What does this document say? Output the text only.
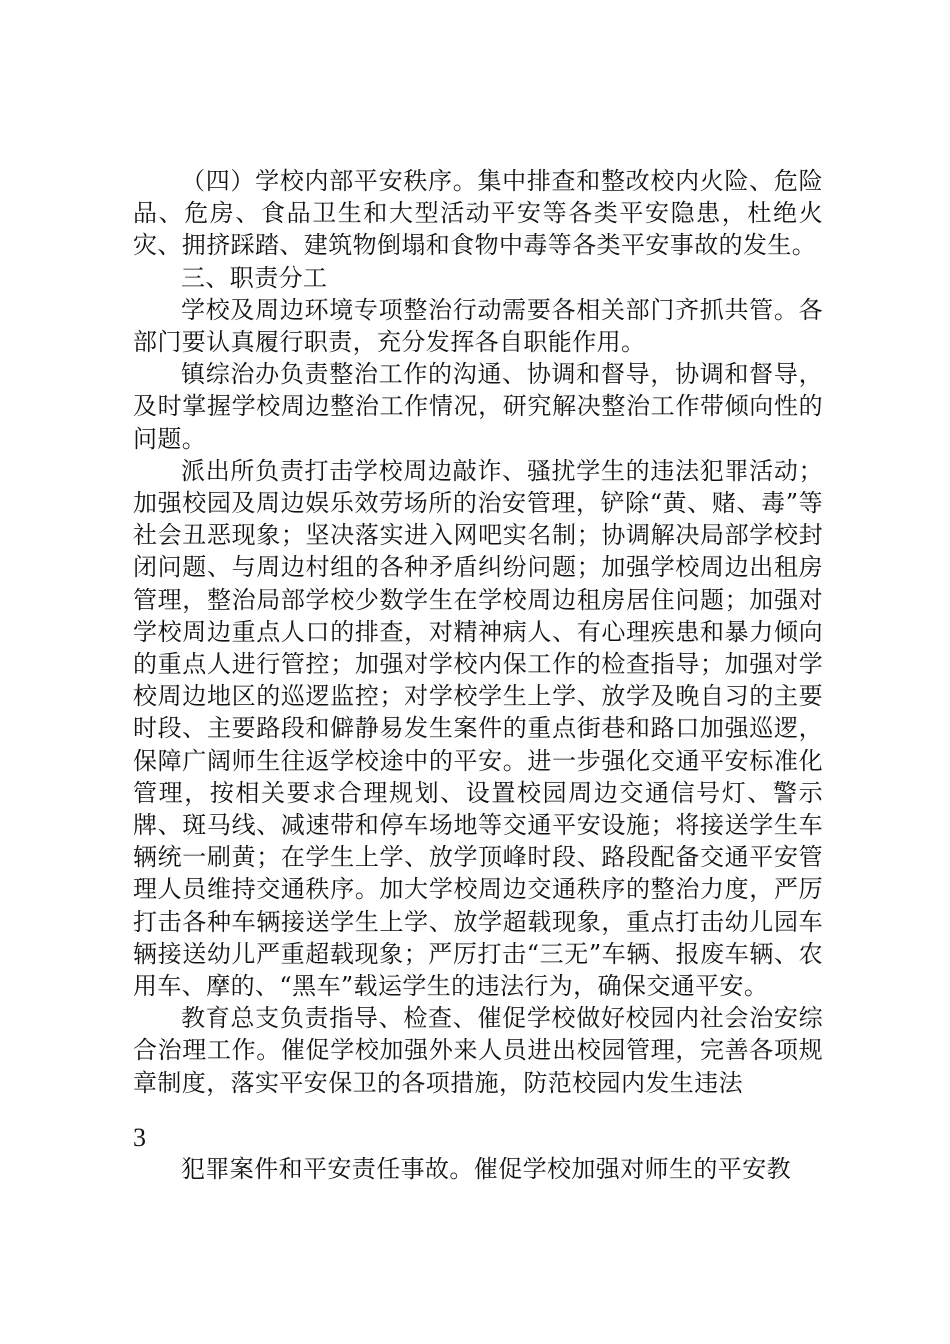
（四）学校内部平安秩序。集中排查和整改校内火险、危险品、危房、食品卫生和大型活动平安等各类平安隐患，杜绝火灾、拥挤踩踏、建筑物倒塌和食物中毒等各类平安事故的发生。

三、职责分工

学校及周边环境专项整治行动需要各相关部门齐抓共管。各部门要认真履行职责，充分发挥各自职能作用。

镇综治办负责整治工作的沟通、协调和督导，协调和督导，及时掌握学校周边整治工作情况，研究解决整治工作带倾向性的问题。

派出所负责打击学校周边敲诈、骚扰学生的违法犯罪活动；加强校园及周边娱乐效劳场所的治安管理，铲除“黄、赌、毒”等社会丑恶现象；坚决落实进入网吧实名制；协调解决局部学校封闭问题、与周边村组的各种矛盾纠纷问题；加强学校周边出租房管理，整治局部学校少数学生在学校周边租房居住问题；加强对学校周边重点人口的排查，对精神病人、有心理疾患和暴力倾向的重点人进行管控；加强对学校内保工作的检查指导；加强对学校周边地区的巡逻监控；对学校学生上学、放学及晚自习的主要时段、主要路段和僻静易发生案件的重点街巷和路口加强巡逻，保障广阔师生往返学校途中的平安。进一步强化交通平安标准化管理，按相关要求合理规划、设置校园周边交通信号灯、警示牌、斑马线、减速带和停车场地等交通平安设施；将接送学生车辆统一刷黄；在学生上学、放学顶峰时段、路段配备交通平安管理人员维持交通秩序。加大学校周边交通秩序的整治力度，严厉打击各种车辆接送学生上学、放学超载现象，重点打击幼儿园车辆接送幼儿严重超载现象；严厉打击“三无”车辆、报废车辆、农用车、摩的、“黑车”载运学生的违法行为，确保交通平安。

教育总支负责指导、检查、催促学校做好校园内社会治安综合治理工作。催促学校加强外来人员进出校园管理，完善各项规章制度，落实平安保卫的各项措施，防范校园内发生违法

3

犯罪案件和平安责任事故。催促学校加强对师生的平安教
